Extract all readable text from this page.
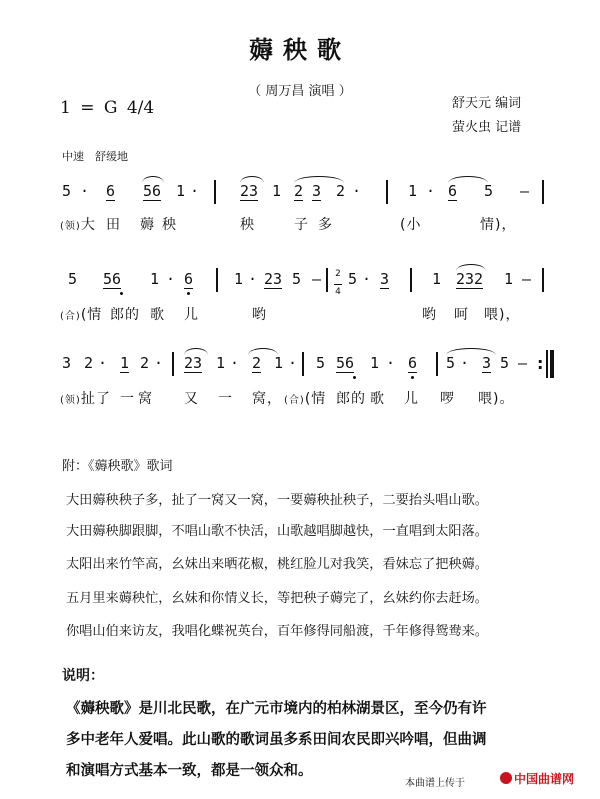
薅秧歌
（ 周万昌 演唱 ）
1 = G 4/4	舒天元 编词
萤火虫 记谱
中速　舒缓地
5 · 6 56 1 ·	23 1 2 3 2 ·	1 · 6 5 –
(领)大 田 薅秧	秧	子多	(小	情)，
5 56 1 · 6	1 · 23 5 – 2

4
5 · 3	1 232 1 –
(合)(情 郎的 歌 儿	哟	哟 呵 喂)，
3 2 · 1 2 · 23 1 · 2 1 · 5 56 1 · 6 5 · 3 5 – :
(领)扯 了 一窝 又 一 窝， (合)(情 郎的 歌 儿 啰 喂)。
附：《薅秧歌》歌词
大田薅秧秧子多，扯了一窝又一窝，一要薅秧扯秧子，二要抬头唱山歌。
大田薅秧脚跟脚，不唱山歌不快活，山歌越唱脚越快，一直唱到太阳落。
太阳出来竹竿高，幺妹出来晒花椒，桃红脸儿对我笑，看妹忘了把秧薅。
五月里来薅秧忙，幺妹和你情义长，等把秧子薅完了，幺妹约你去赶场。
你唱山伯来访友，我唱化蝶祝英台，百年修得同船渡，千年修得鸳鸯来。
说明：
《薅秧歌》是川北民歌，在广元市境内的柏林湖景区，至今仍有许
多中老年人爱唱。此山歌的歌词虽多系田间农民即兴吟唱，但曲调
和演唱方式基本一致，都是一领众和。
本曲谱上传于	中国曲谱网
